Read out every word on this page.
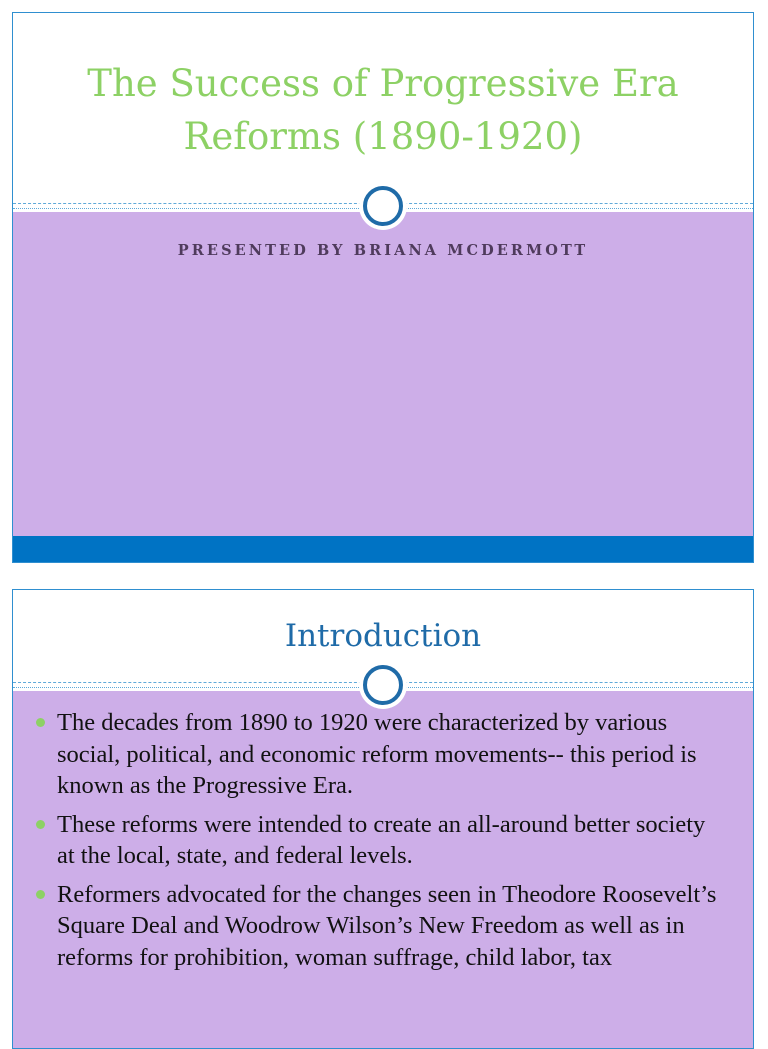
The Success of Progressive Era Reforms (1890-1920)
PRESENTED BY BRIANA MCDERMOTT
Introduction
The decades from 1890 to 1920 were characterized by various social, political, and economic reform movements-- this period is known as the Progressive Era.
These reforms were intended to create an all-around better society at the local, state, and federal levels.
Reformers advocated for the changes seen in Theodore Roosevelt’s Square Deal and Woodrow Wilson’s New Freedom as well as in reforms for prohibition, woman suffrage, child labor, tax
